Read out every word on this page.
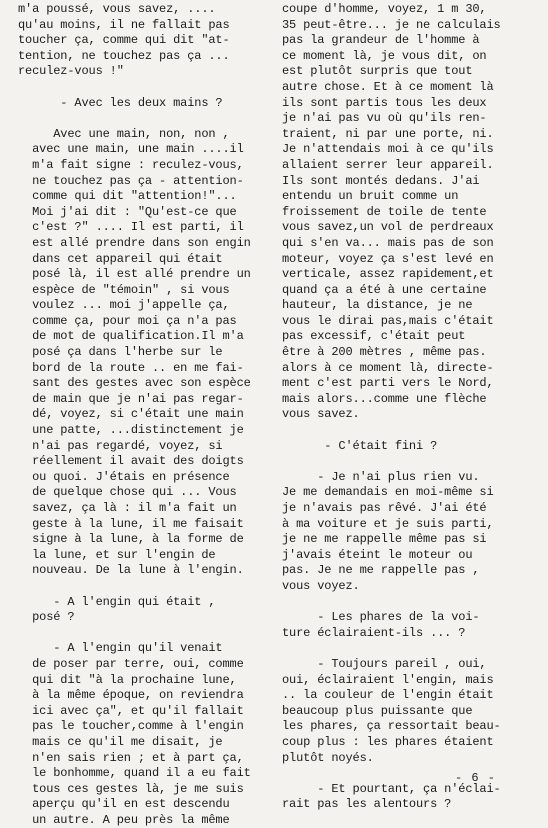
m'a poussé, vous savez, ....
qu'au moins, il ne fallait pas
toucher ça, comme qui dit "at-
tention, ne touchez pas ça ...
reculez-vous !"
- Avec les deux mains ?
Avec une main, non, non ,
avec une main, une main ....il
m'a fait signe : reculez-vous,
ne touchez pas ça - attention-
comme qui dit "attention!"...
Moi j'ai dit : "Qu'est-ce que
c'est ?" .... Il est parti, il
est allé prendre dans son engin
dans cet appareil qui était
posé là, il est allé prendre un
espèce de "témoin" , si vous
voulez ... moi j'appelle ça,
comme ça, pour moi ça n'a pas
de mot de qualification.Il m'a
posé ça dans l'herbe sur le
bord de la route .. en me fai-
sant des gestes avec son espèce
de main que je n'ai pas regar-
dé, voyez, si c'était une main
une patte, ...distinctement je
n'ai pas regardé, voyez, si
réellement il avait des doigts
ou quoi. J'étais en présence
de quelque chose qui ... Vous
savez, ça là : il m'a fait un
geste à la lune, il me faisait
signe à la lune, à la forme de
la lune, et sur l'engin de
nouveau. De la lune à l'engin.
- A l'engin qui était ,
posé ?
- A l'engin qu'il venait
de poser par terre, oui, comme
qui dit "à la prochaine lune,
à la même époque, on reviendra
ici avec ça", et qu'il fallait
pas le toucher,comme à l'engin
mais ce qu'il me disait, je
n'en sais rien ; et à part ça,
le bonhomme, quand il a eu fait
tous ces gestes là, je me suis
aperçu qu'il en est descendu
un autre. A peu près la même
coupe d'homme, voyez, 1 m 30,
35 peut-être... je ne calculais
pas la grandeur de l'homme à
ce moment là, je vous dit, on
est plutôt surpris que tout
autre chose. Et à ce moment là
ils sont partis tous les deux
je n'ai pas vu où qu'ils ren-
traient, ni par une porte, ni.
Je n'attendais moi à ce qu'ils
allaient serrer leur appareil.
Ils sont montés dedans. J'ai
entendu un bruit comme un
froissement de toile de tente
vous savez,un vol de perdreaux
qui s'en va... mais pas de son
moteur, voyez ça s'est levé en
verticale, assez rapidement,et
quand ça a été à une certaine
hauteur, la distance, je ne
vous le dirai pas,mais c'était
pas excessif, c'était peut
être à 200 mètres , même pas.
alors à ce moment là, directe-
ment c'est parti vers le Nord,
mais alors...comme une flèche
vous savez.
- C'était fini ?
- Je n'ai plus rien vu.
Je me demandais en moi-même si
je n'avais pas rêvé. J'ai été
à ma voiture et je suis parti,
je ne me rappelle même pas si
j'avais éteint le moteur ou
pas. Je ne me rappelle pas ,
vous voyez.
- Les phares de la voi-
ture éclairaient-ils ... ?
- Toujours pareil , oui,
oui, éclairaient l'engin, mais
.. la couleur de l'engin était
beaucoup plus puissante que
les phares, ça ressortait beau-
coup plus : les phares étaient
plutôt noyés.
- Et pourtant, ça n'éclai-
rait pas les alentours ?
- 6 -
